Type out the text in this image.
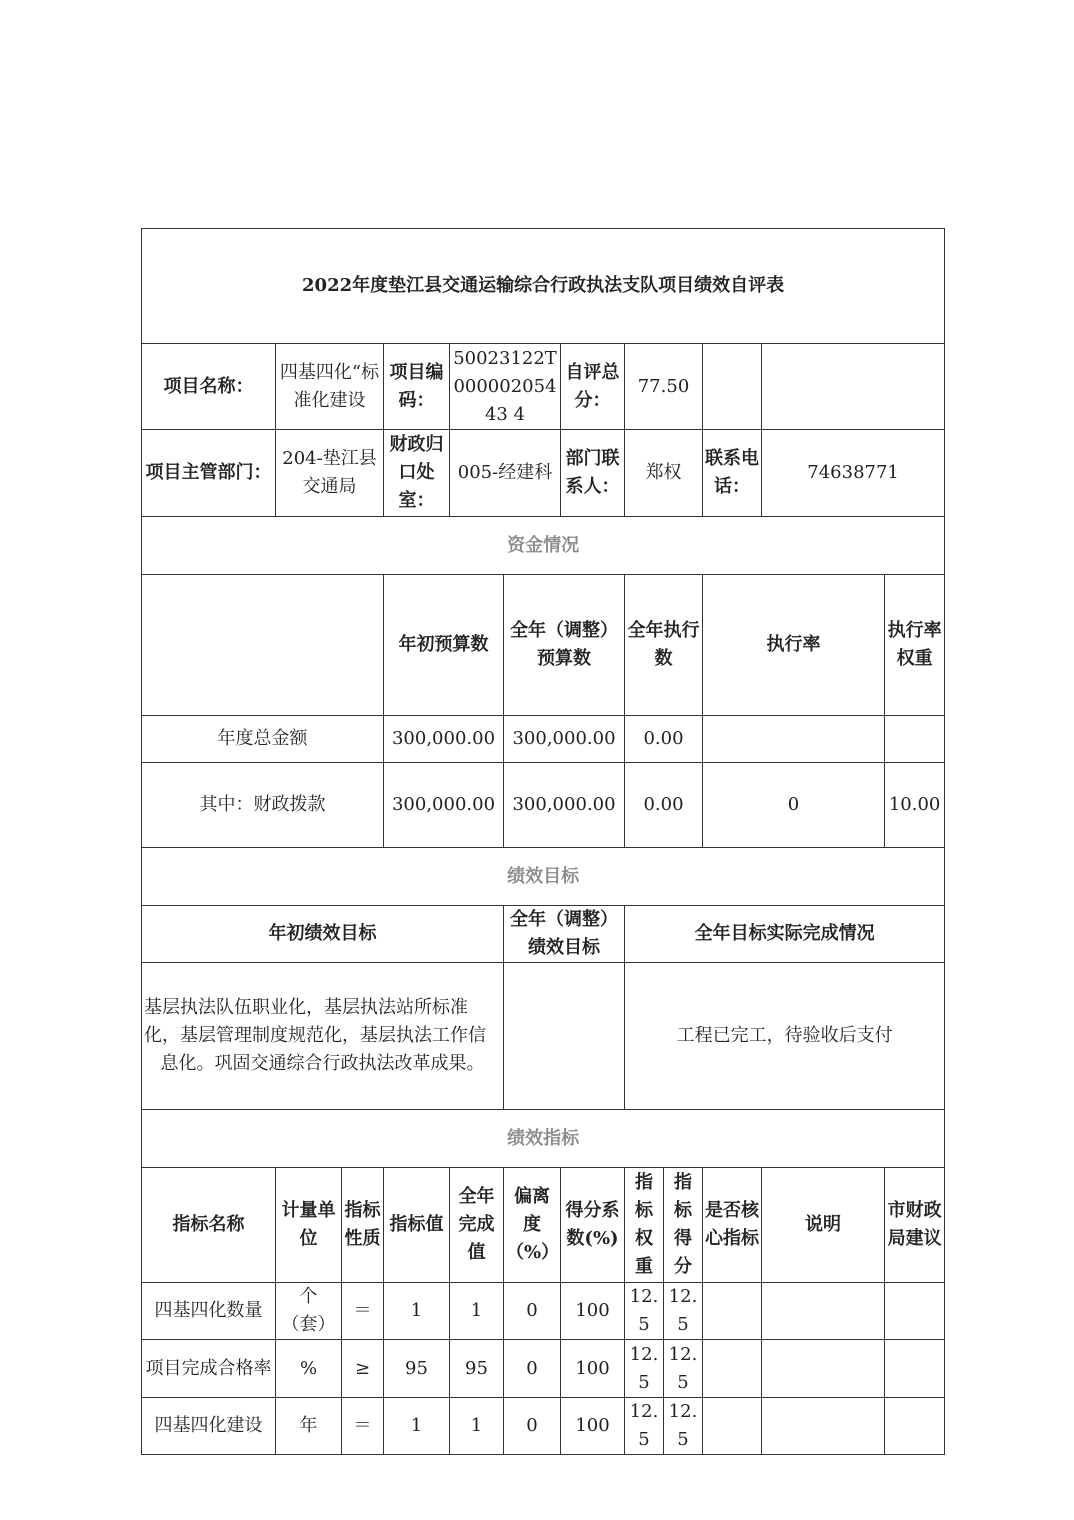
2022年度垫江县交通运输综合行政执法支队项目绩效自评表												
项目名称：	四基四化“标准化建设		项目编码：	50023122T00000205443 4		自评总分：	77.50					
项目主管部门：	204-垫江县交通局		财政归口处室：	005-经建科		部门联系人：	郑权		联系电话：	74638771		
资金情况												
			年初预算数		全年（调整）预算数		全年执行数		执行率		执行率权重	
年度总金额			300,000.00		300,000.00		0.00					
其中：财政拨款			300,000.00		300,000.00		0.00		0		10.00	
绩效目标												
年初绩效目标					全年（调整）绩效目标		全年目标实际完成情况					
基层执法队伍职业化，基层执法站所标准化，基层管理制度规范化，基层执法工作信息化。巩固交通综合行政执法改革成果。							工程已完工，待验收后支付					
绩效指标												
指标名称	计量单位	指标性质	指标值	全年完成值	偏离度（%）	得分系数(%)	指标权重	指标得分	是否核心指标	说明	市财政局建议	
四基四化数量	个（套）	＝	1	1	0	100	12.5	12.5				
项目完成合格率	%	≥	95	95	0	100	12.5	12.5				
四基四化建设	年	＝	1	1	0	100	12.5	12.5				
